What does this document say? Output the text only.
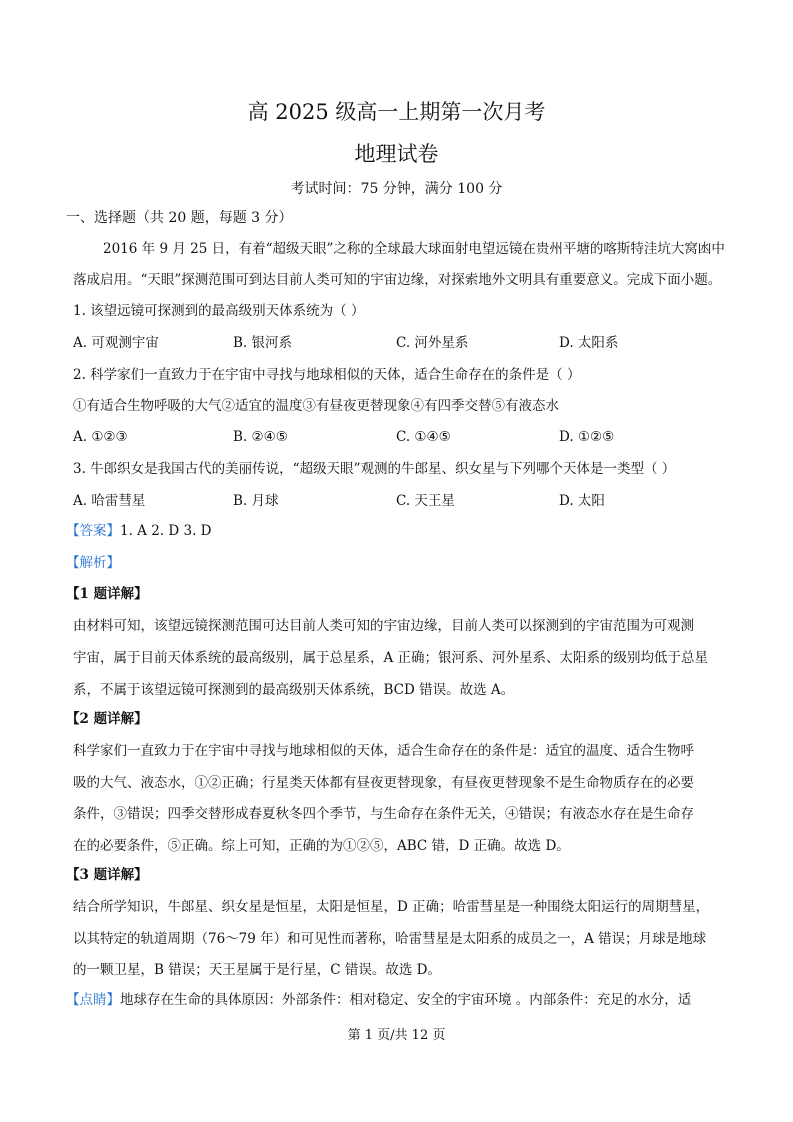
高 2025 级高一上期第一次月考
地理试卷
考试时间：75 分钟，满分 100 分
一、选择题（共 20 题，每题 3 分）
2016 年 9 月 25 日，有着“超级天眼”之称的全球最大球面射电望远镜在贵州平塘的喀斯特洼坑大窝凼中
落成启用。“天眼”探测范围可到达目前人类可知的宇宙边缘，对探索地外文明具有重要意义。完成下面小题。
1. 该望远镜可探测到的最高级别天体系统为（ ）
A. 可观测宇宙	B. 银河系	C. 河外星系	D. 太阳系
2. 科学家们一直致力于在宇宙中寻找与地球相似的天体，适合生命存在的条件是（ ）
①有适合生物呼吸的大气②适宜的温度③有昼夜更替现象④有四季交替⑤有液态水
A. ①②③	B. ②④⑤	C. ①④⑤	D. ①②⑤
3. 牛郎织女是我国古代的美丽传说，“超级天眼”观测的牛郎星、织女星与下列哪个天体是一类型（ ）
A. 哈雷彗星	B. 月球	C. 天王星	D. 太阳
【答案】1. A 2. D 3. D
【解析】
【1 题详解】
由材料可知，该望远镜探测范围可达目前人类可知的宇宙边缘，目前人类可以探测到的宇宙范围为可观测
宇宙，属于目前天体系统的最高级别，属于总星系，A 正确；银河系、河外星系、太阳系的级别均低于总星
系，不属于该望远镜可探测到的最高级别天体系统，BCD 错误。故选 A。
【2 题详解】
科学家们一直致力于在宇宙中寻找与地球相似的天体，适合生命存在的条件是：适宜的温度、适合生物呼
吸的大气、液态水，①②正确；行星类天体都有昼夜更替现象，有昼夜更替现象不是生命物质存在的必要
条件，③错误；四季交替形成春夏秋冬四个季节，与生命存在条件无关，④错误；有液态水存在是生命存
在的必要条件，⑤正确。综上可知，正确的为①②⑤，ABC 错，D 正确。故选 D。
【3 题详解】
结合所学知识，牛郎星、织女星是恒星，太阳是恒星，D 正确；哈雷彗星是一种围绕太阳运行的周期彗星，
以其特定的轨道周期（76～79 年）和可见性而著称，哈雷彗星是太阳系的成员之一，A 错误；月球是地球
的一颗卫星，B 错误；天王星属于是行星，C 错误。故选 D。
【点睛】地球存在生命的具体原因：外部条件：相对稳定、安全的宇宙环境 。内部条件：充足的水分，适
第 1 页/共 12 页
